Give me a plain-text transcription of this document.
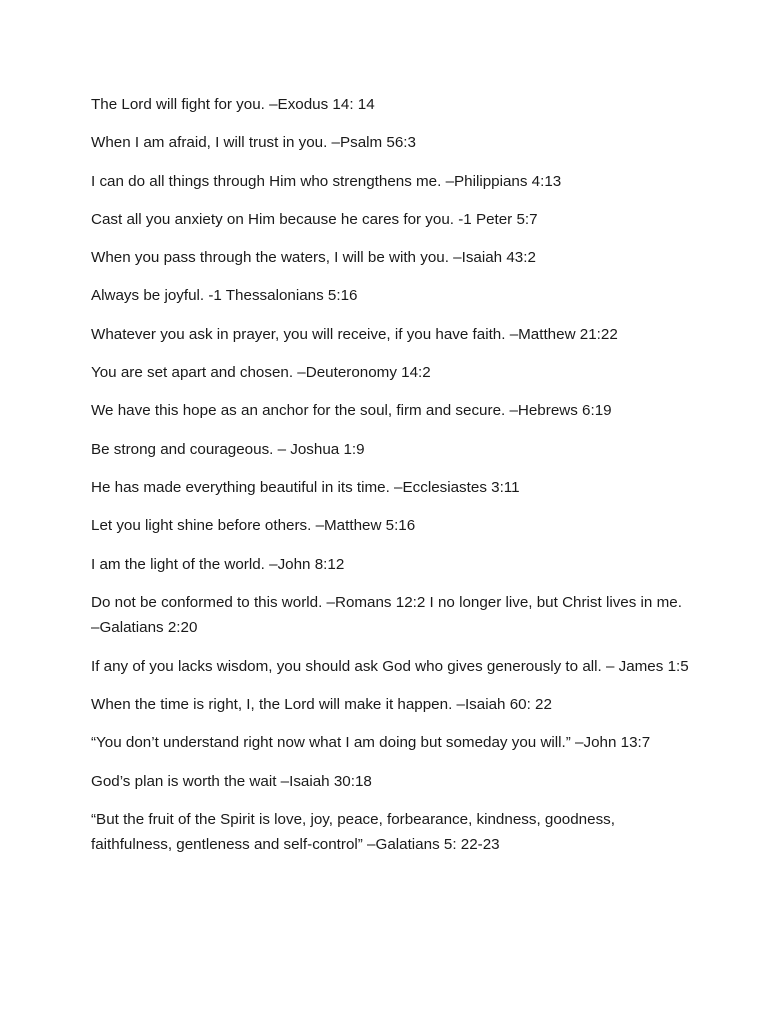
The Lord will fight for you. –Exodus 14: 14

When I am afraid, I will trust in you. –Psalm 56:3

I can do all things through Him who strengthens me. –Philippians 4:13

Cast all you anxiety on Him because he cares for you. -1 Peter 5:7

When you pass through the waters, I will be with you. –Isaiah 43:2

Always be joyful. -1 Thessalonians 5:16

Whatever you ask in prayer, you will receive, if you have faith. –Matthew 21:22

You are set apart and chosen. –Deuteronomy 14:2

We have this hope as an anchor for the soul, firm and secure. –Hebrews 6:19

Be strong and courageous. – Joshua 1:9

He has made everything beautiful in its time. –Ecclesiastes 3:11

Let you light shine before others. –Matthew 5:16

I am the light of the world. –John 8:12

Do not be conformed to this world. –Romans 12:2 I no longer live, but Christ lives in me. –Galatians 2:20

If any of you lacks wisdom, you should ask God who gives generously to all. – James 1:5

When the time is right, I, the Lord will make it happen. –Isaiah 60: 22

“You don’t understand right now what I am doing but someday you will.” –John 13:7

God’s plan is worth the wait –Isaiah 30:18

“But the fruit of the Spirit is love, joy, peace, forbearance, kindness, goodness, faithfulness, gentleness and self-control” –Galatians 5: 22-23
